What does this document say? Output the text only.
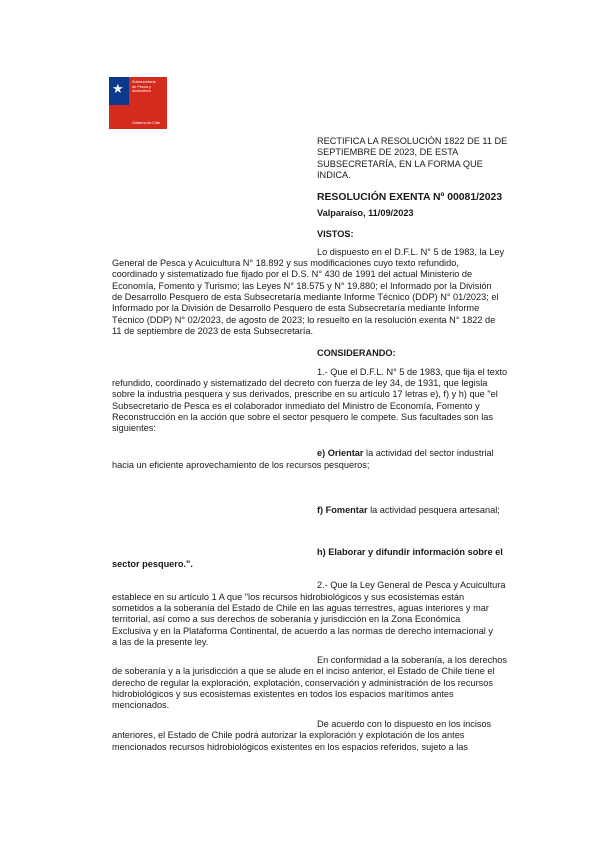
★ Subsecretaría
de Pesca y
Acuicultura
Gobierno de Chile
RECTIFICA LA RESOLUCIÓN 1822 DE 11 DE
SEPTIEMBRE DE 2023, DE ESTA
SUBSECRETARÍA, EN LA FORMA QUE
INDICA.
RESOLUCIÓN EXENTA Nº 00081/2023
Valparaíso, 11/09/2023
VISTOS:
Lo dispuesto en el D.F.L. N° 5 de 1983, la Ley
General de Pesca y Acuicultura N° 18.892 y sus modificaciones cuyo texto refundido,
coordinado y sistematizado fue fijado por el D.S. N° 430 de 1991 del actual Ministerio de
Economía, Fomento y Turismo; las Leyes N° 18.575 y N° 19.880; el Informado por la División
de Desarrollo Pesquero de esta Subsecretaría mediante Informe Técnico (DDP) N° 01/2023; el
Informado por la División de Desarrollo Pesquero de esta Subsecretaría mediante Informe
Técnico (DDP) N° 02/2023, de agosto de 2023; lo resuelto en la resolución exenta N° 1822 de
11 de septiembre de 2023 de esta Subsecretaría.
CONSIDERANDO:
1.- Que el D.F.L. N° 5 de 1983, que fija el texto
refundido, coordinado y sistematizado del decreto con fuerza de ley 34, de 1931, que legisla
sobre la industria pesquera y sus derivados, prescribe en su artículo 17 letras e), f) y h) que "el
Subsecretario de Pesca es el colaborador inmediato del Ministro de Economía, Fomento y
Reconstrucción en la acción que sobre el sector pesquero le compete. Sus facultades son las
siguientes:
e) Orientar la actividad del sector industrial
hacia un eficiente aprovechamiento de los recursos pesqueros;
f) Fomentar la actividad pesquera artesanal;
h) Elaborar y difundir información sobre el
sector pesquero.".
2.- Que la Ley General de Pesca y Acuicultura
establece en su artículo 1 A que "los recursos hidrobiológicos y sus ecosistemas están
sometidos a la soberanía del Estado de Chile en las aguas terrestres, aguas interiores y mar
territorial, así como a sus derechos de soberanía y jurisdicción en la Zona Económica
Exclusiva y en la Plataforma Continental, de acuerdo a las normas de derecho internacional y
a las de la presente ley.
En conformidad a la soberanía, a los derechos
de soberanía y a la jurisdicción a que se alude en el inciso anterior, el Estado de Chile tiene el
derecho de regular la exploración, explotación, conservación y administración de los recursos
hidrobiológicos y sus ecosistemas existentes en todos los espacios marítimos antes
mencionados.
De acuerdo con lo dispuesto en los incisos
anteriores, el Estado de Chile podrá autorizar la exploración y explotación de los antes
mencionados recursos hidrobiológicos existentes en los espacios referidos, sujeto a las
